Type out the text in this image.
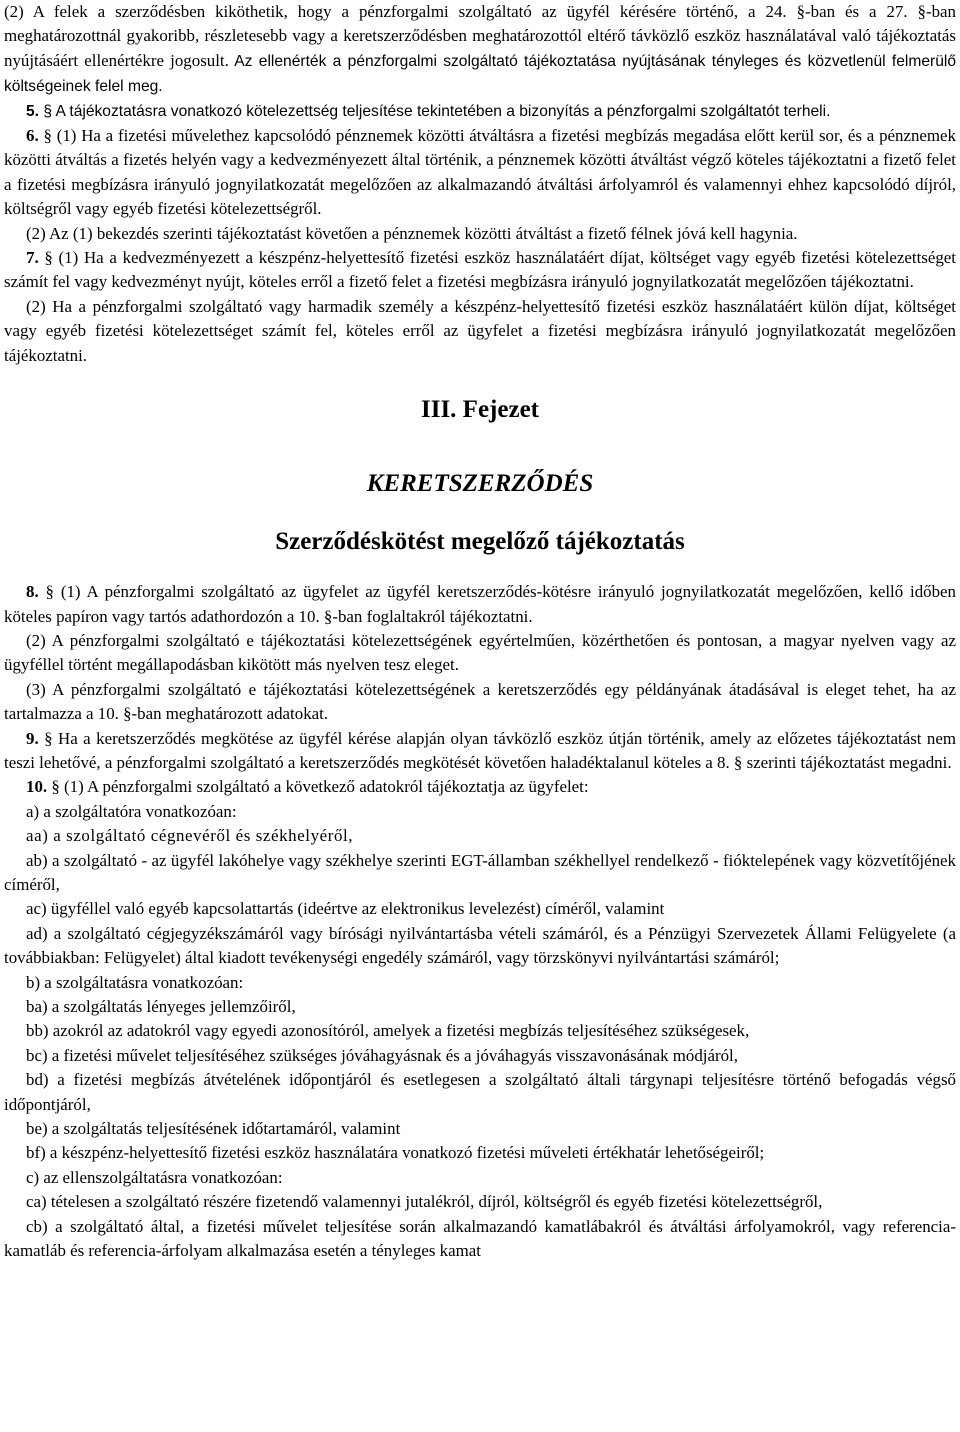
(2) A felek a szerződésben kiköthetik, hogy a pénzforgalmi szolgáltató az ügyfél kérésére történő, a 24. §-ban és a 27. §-ban meghatározottnál gyakoribb, részletesebb vagy a keretszerződésben meghatározottól eltérő távközlő eszköz használatával való tájékoztatás nyújtásáért ellenértékre jogosult. Az ellenérték a pénzforgalmi szolgáltató tájékoztatása nyújtásának tényleges és közvetlenül felmerülő költségeinek felel meg.

5. § A tájékoztatásra vonatkozó kötelezettség teljesítése tekintetében a bizonyítás a pénzforgalmi szolgáltatót terheli.

6. § (1) Ha a fizetési művelethez kapcsolódó pénznemek közötti átváltásra a fizetési megbízás megadása előtt kerül sor, és a pénznemek közötti átváltás a fizetés helyén vagy a kedvezményezett által történik, a pénznemek közötti átváltást végző köteles tájékoztatni a fizető felet a fizetési megbízásra irányuló jognyilatkozatát megelőzően az alkalmazandó átváltási árfolyamról és valamennyi ehhez kapcsolódó díjról, költségről vagy egyéb fizetési kötelezettségről.

(2) Az (1) bekezdés szerinti tájékoztatást követően a pénznemek közötti átváltást a fizető félnek jóvá kell hagynia.

7. § (1) Ha a kedvezményezett a készpénz-helyettesítő fizetési eszköz használatáért díjat, költséget vagy egyéb fizetési kötelezettséget számít fel vagy kedvezményt nyújt, köteles erről a fizető felet a fizetési megbízásra irányuló jognyilatkozatát megelőzően tájékoztatni.

(2) Ha a pénzforgalmi szolgáltató vagy harmadik személy a készpénz-helyettesítő fizetési eszköz használatáért külön díjat, költséget vagy egyéb fizetési kötelezettséget számít fel, köteles erről az ügyfelet a fizetési megbízásra irányuló jognyilatkozatát megelőzően tájékoztatni.

III. Fejezet
KERETSZERZŐDÉS
Szerződéskötést megelőző tájékoztatás

8. § (1) A pénzforgalmi szolgáltató az ügyfelet az ügyfél keretszerződés-kötésre irányuló jognyilatkozatát megelőzően, kellő időben köteles papíron vagy tartós adathordozón a 10. §-ban foglaltakról tájékoztatni.

(2) A pénzforgalmi szolgáltató e tájékoztatási kötelezettségének egyértelműen, közérthetően és pontosan, a magyar nyelven vagy az ügyféllel történt megállapodásban kikötött más nyelven tesz eleget.

(3) A pénzforgalmi szolgáltató e tájékoztatási kötelezettségének a keretszerződés egy példányának átadásával is eleget tehet, ha az tartalmazza a 10. §-ban meghatározott adatokat.

9. § Ha a keretszerződés megkötése az ügyfél kérése alapján olyan távközlő eszköz útján történik, amely az előzetes tájékoztatást nem teszi lehetővé, a pénzforgalmi szolgáltató a keretszerződés megkötését követően haladéktalanul köteles a 8. § szerinti tájékoztatást megadni.

10. § (1) A pénzforgalmi szolgáltató a következő adatokról tájékoztatja az ügyfelet:

a) a szolgáltatóra vonatkozóan:

aa) a szolgáltató cégnevéről és székhelyéről,

ab) a szolgáltató - az ügyfél lakóhelye vagy székhelye szerinti EGT-államban székhellyel rendelkező - fióktelepének vagy közvetítőjének címéről,

ac) ügyféllel való egyéb kapcsolattartás (ideértve az elektronikus levelezést) címéről, valamint

ad) a szolgáltató cégjegyzékszámáról vagy bírósági nyilvántartásba vételi számáról, és a Pénzügyi Szervezetek Állami Felügyelete (a továbbiakban: Felügyelet) által kiadott tevékenységi engedély számáról, vagy törzskönyvi nyilvántartási számáról;

b) a szolgáltatásra vonatkozóan:

ba) a szolgáltatás lényeges jellemzőiről,

bb) azokról az adatokról vagy egyedi azonosítóról, amelyek a fizetési megbízás teljesítéséhez szükségesek,

bc) a fizetési művelet teljesítéséhez szükséges jóváhagyásnak és a jóváhagyás visszavonásának módjáról,

bd) a fizetési megbízás átvételének időpontjáról és esetlegesen a szolgáltató általi tárgynapi teljesítésre történő befogadás végső időpontjáról,

be) a szolgáltatás teljesítésének időtartamáról, valamint

bf) a készpénz-helyettesítő fizetési eszköz használatára vonatkozó fizetési műveleti értékhatár lehetőségeiről;

c) az ellenszolgáltatásra vonatkozóan:

ca) tételesen a szolgáltató részére fizetendő valamennyi jutalékról, díjról, költségről és egyéb fizetési kötelezettségről,

cb) a szolgáltató által, a fizetési művelet teljesítése során alkalmazandó kamatlábakról és átváltási árfolyamokról, vagy referencia-kamatláb és referencia-árfolyam alkalmazása esetén a tényleges kamat
